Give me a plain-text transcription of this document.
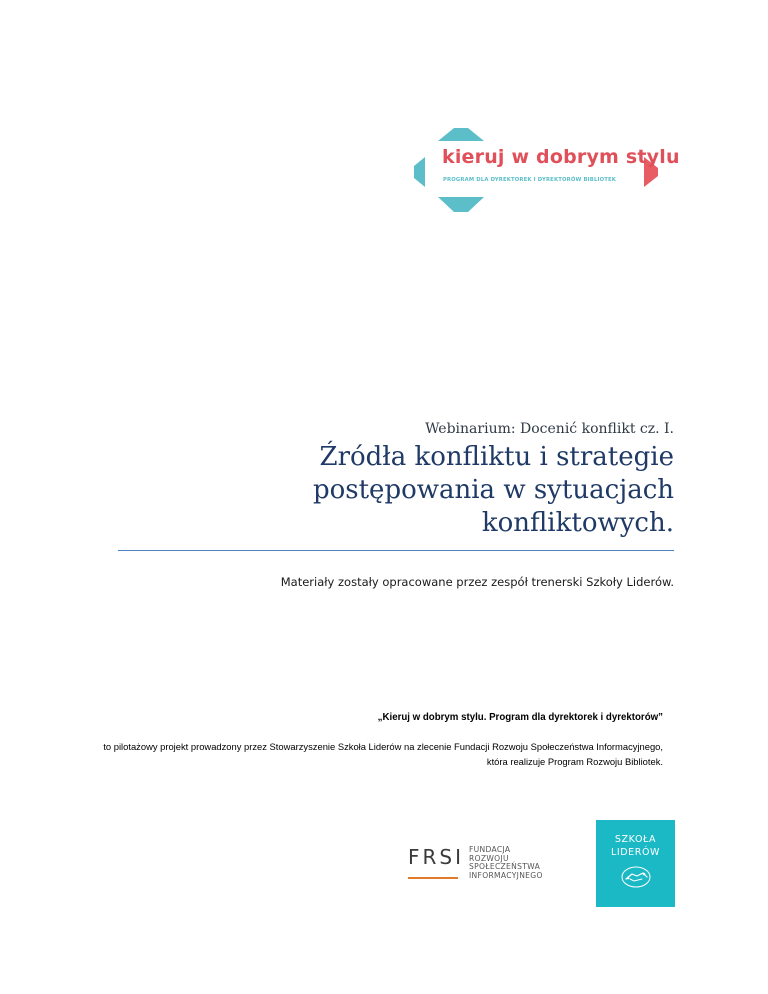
kieruj w dobrym stylu
PROGRAM DLA DYREKTOREK I DYREKTORÓW BIBLIOTEK
Webinarium: Docenić konflikt cz. I.
Źródła konfliktu i strategie
postępowania w sytuacjach
konfliktowych.
Materiały zostały opracowane przez zespół trenerski Szkoły Liderów.
„Kieruj w dobrym stylu. Program dla dyrektorek i dyrektorów”
to pilotażowy projekt prowadzony przez Stowarzyszenie Szkoła Liderów na zlecenie Fundacji Rozwoju Społeczeństwa Informacyjnego, która realizuje Program Rozwoju Bibliotek.
FRSI FUNDACJA
ROZWOJU
SPOŁECZEŃSTWA
INFORMACYJNEGO
SZKOŁA
LIDERÓW
